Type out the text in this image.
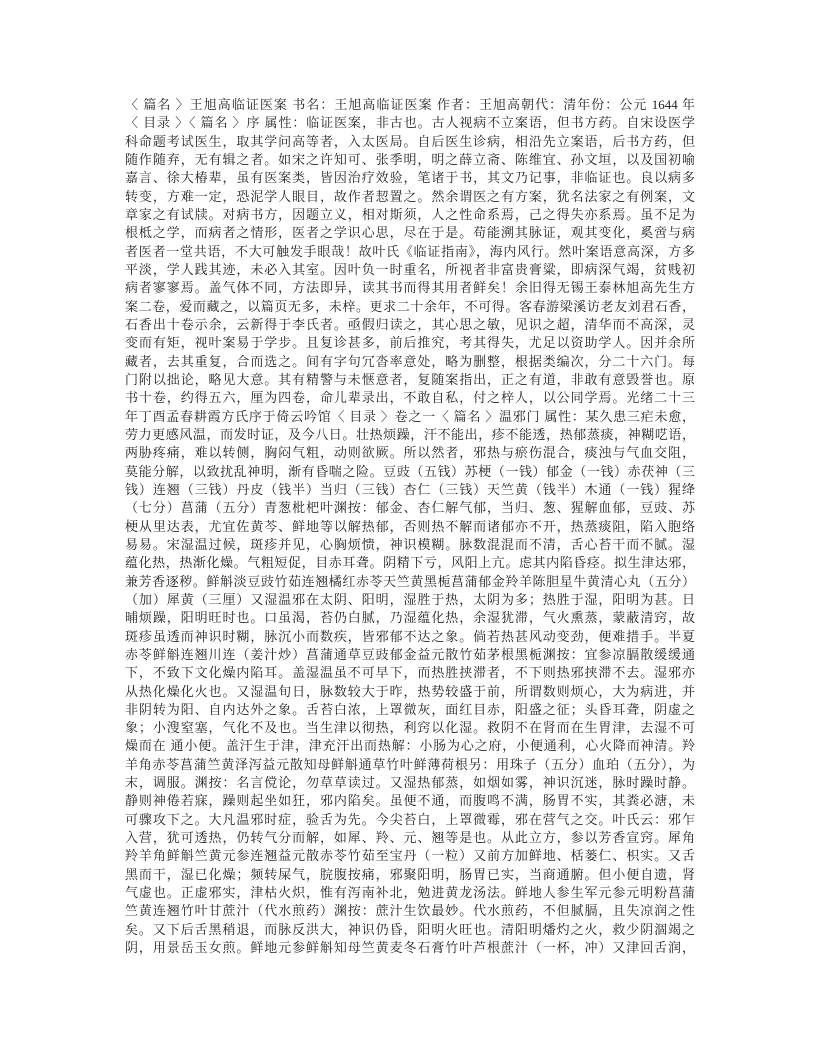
〈 篇名 〉王旭高临证医案 书名：王旭高临证医案 作者：王旭高朝代：清年份：公元 1644 年
〈 目录 〉〈 篇名 〉序 属性：临证医案，非古也。古人视病不立案语，但书方药。自宋设医学
科命题考试医生，取其学问高等者，入太医局。自后医生诊病，相沿先立案语，后书方药，但
随作随弃，无有辑之者。如宋之许知可、张季明，明之薛立斋、陈维宜、孙文垣，以及国初喻
嘉言、徐大椿辈，虽有医案类，皆因治疗效验，笔诸于书，其文乃记事，非临证也。良以病多
转变，方难一定，恐泥学人眼目，故作者恝置之。然余谓医之有方案，犹名法家之有例案，文
章家之有试牍。对病书方，因题立义，相对斯须，人之性命系焉，己之得失亦系焉。虽不足为
根柢之学，而病者之情形，医者之学识心思，尽在于是。苟能溯其脉证，观其变化，奚啻与病
者医者一堂共语，不大可触发手眼哉！故叶氏《临证指南》，海内风行。然叶案语意高深，方多
平淡，学人践其迹，未必入其室。因叶负一时重名，所视者非富贵膏粱，即病深气竭，贫贱初
病者寥寥焉。盖气体不同，方法即异，读其书而得其用者鲜矣！余旧得无锡王泰林旭高先生方
案二卷，爱而藏之，以篇页无多，未梓。更求二十余年，不可得。客春游梁溪访老友刘君石香，
石香出十卷示余，云新得于李氏者。亟假归读之，其心思之敏，见识之超，清华而不高深，灵
变而有矩，视叶案易于学步。且复诊甚多，前后推究，考其得失，尤足以资助学人。因并余所
藏者，去其重复，合而选之。间有字句冗沓率意处，略为删整，根据类编次，分二十六门。每
门附以拙论，略见大意。其有精警与未惬意者，复随案指出，正之有道，非敢有意毁誉也。原
书十卷，约得五六，厘为四卷，命儿辈录出，不敢自私，付之梓人，以公同学焉。光绪二十三
年丁酉孟春耕霞方氏序于倚云吟馆〈 目录 〉卷之一〈 篇名 〉温邪门 属性：某久患三疟未愈，
劳力更感风温，而发时证，及今八日。壮热烦躁，汗不能出，疹不能透，热郁蒸痰，神糊呓语，
两胁疼痛，难以转侧，胸闷气粗，动则欲厥。所以然者，邪热与瘀伤混合，痰浊与气血交阻，
莫能分解，以致扰乱神明，渐有昏喘之险。豆豉（五钱）苏梗（一钱）郁金（一钱）赤茯神（三
钱）连翘（三钱）丹皮（钱半）当归（三钱）杏仁（三钱）天竺黄（钱半）木通（一钱）猩绛
（七分）菖蒲（五分）青葱枇杷叶渊按：郁金、杏仁解气郁，当归、葱、猩解血郁，豆豉、苏
梗从里达表，尤宜佐黄芩、鲜地等以解热郁，否则热不解而诸郁亦不开，热蒸痰阻，陷入胞络
易易。宋湿温过候，斑疹并见，心胸烦愦，神识模糊。脉数混混而不清，舌心苔干而不腻。湿
蕴化热，热渐化燥。气粗短促，目赤耳聋。阴精下亏，风阳上亢。虑其内陷昏痉。拟生津达邪，
兼芳香逐秽。鲜斛淡豆豉竹茹连翘橘红赤苓天竺黄黑栀菖蒲郁金羚羊陈胆星牛黄清心丸（五分）
（加）犀黄（三厘）又湿温邪在太阴、阳明，湿胜于热，太阴为多；热胜于湿，阳明为甚。日
晡烦躁，阳明旺时也。口虽渴，苔仍白腻，乃湿蕴化热，余湿犹滞，气火熏蒸，蒙蔽清窍，故
斑疹虽透而神识时糊，脉沉小而数疾，皆邪郁不达之象。倘若热甚风动变劲，便难措手。半夏
赤苓鲜斛连翘川连（姜汁炒）菖蒲通草豆豉郁金益元散竹茹茅根黑栀渊按：宜参凉膈散缓缓通
下，不致下文化燥内陷耳。盖湿温虽不可早下，而热胜挟滞者，不下则热邪挟滞不去。湿邪亦
从热化燥化火也。又湿温旬日，脉数较大于昨，热势较盛于前，所谓数则烦心，大为病进，并
非阴转为阳、自内达外之象。舌苔白浓，上罩微灰，面红目赤，阳盛之征；头昏耳聋，阴虚之
象；小溲窒塞，气化不及也。当生津以彻热，利窍以化湿。救阴不在肾而在生胃津，去湿不可
燥而在 通小便。盖汗生于津，津充汗出而热解：小肠为心之府，小便通利，心火降而神清。羚
羊角赤苓菖蒲竺黄泽泻益元散知母鲜斛通草竹叶鲜薄荷根另：用珠子（五分）血珀（五分），为
末，调服。渊按：名言傥论，勿草草读过。又湿热郁蒸，如烟如雾，神识沉迷，脉时躁时静。
静则神倦若寐，躁则起坐如狂，邪内陷矣。虽便不通，而腹鸣不满，肠胃不实，其粪必溏，未
可骤攻下之。大凡温邪时症，验舌为先。今尖苔白，上罩微霉，邪在营气之交。叶氏云：邪乍
入营，犹可透热，仍转气分而解，如犀、羚、元、翘等是也。从此立方，参以芳香宣窍。犀角
羚羊角鲜斛竺黄元参连翘益元散赤苓竹茹至宝丹（一粒）又前方加鲜地、栝蒌仁、枳实。又舌
黑而干，湿已化燥；频转屎气，脘腹按痛，邪聚阳明，肠胃已实，当商通腑。但小便自遗，肾
气虚也。正虚邪实，津枯火炽，惟有泻南补北，勉进黄龙汤法。鲜地人参生军元参元明粉菖蒲
竺黄连翘竹叶甘蔗汁（代水煎药）渊按：蔗汁生饮最妙。代水煎药，不但腻膈，且失凉润之性
矣。又下后舌黑稍退，而脉反洪大，神识仍昏，阳明火旺也。清阳明燔灼之火，救少阴涸竭之
阴，用景岳玉女煎。鲜地元参鲜斛知母竺黄麦冬石膏竹叶芦根蔗汁（一杯，冲）又津回舌润，
